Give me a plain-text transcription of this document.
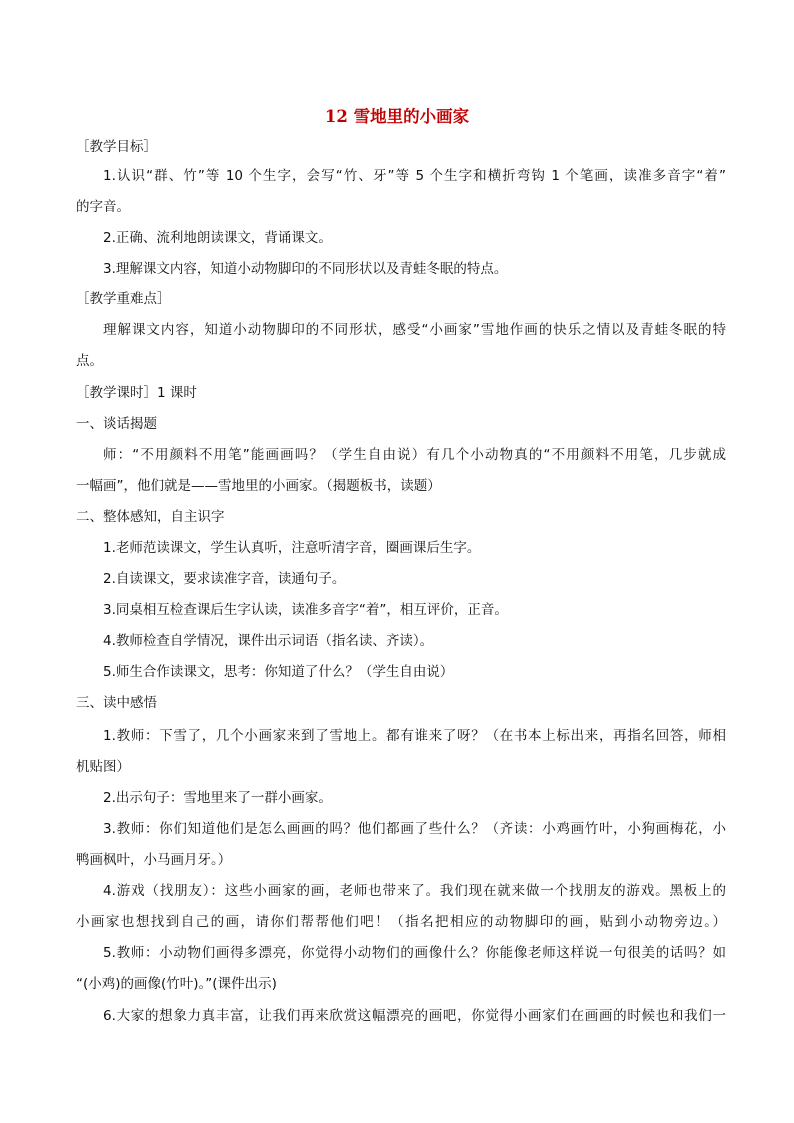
12 雪地里的小画家
［教学目标］
1.认识“群、竹”等 10 个生字，会写“竹、牙”等 5 个生字和横折弯钩 1 个笔画，读准多音字“着”
的字音。
2.正确、流利地朗读课文，背诵课文。
3.理解课文内容，知道小动物脚印的不同形状以及青蛙冬眠的特点。
［教学重难点］
理解课文内容，知道小动物脚印的不同形状，感受“小画家”雪地作画的快乐之情以及青蛙冬眠的特
点。
［教学课时］1 课时
一、谈话揭题
师：“不用颜料不用笔”能画画吗？（学生自由说）有几个小动物真的“不用颜料不用笔，几步就成
一幅画”，他们就是——雪地里的小画家。（揭题板书，读题）
二、整体感知，自主识字
1.老师范读课文，学生认真听，注意听清字音，圈画课后生字。
2.自读课文，要求读准字音，读通句子。
3.同桌相互检查课后生字认读，读准多音字“着”，相互评价，正音。
4.教师检查自学情况，课件出示词语（指名读、齐读）。
5.师生合作读课文，思考：你知道了什么？（学生自由说）
三、读中感悟
1.教师：下雪了，几个小画家来到了雪地上。都有谁来了呀？（在书本上标出来，再指名回答，师相
机贴图）
2.出示句子：雪地里来了一群小画家。
3.教师：你们知道他们是怎么画画的吗？他们都画了些什么？（齐读：小鸡画竹叶，小狗画梅花，小
鸭画枫叶，小马画月牙。）
4.游戏（找朋友）：这些小画家的画，老师也带来了。我们现在就来做一个找朋友的游戏。黑板上的
小画家也想找到自己的画，请你们帮帮他们吧！（指名把相应的动物脚印的画，贴到小动物旁边。）
5.教师：小动物们画得多漂亮，你觉得小动物们的画像什么？你能像老师这样说一句很美的话吗？如
“(小鸡)的画像(竹叶)。”(课件出示)
6.大家的想象力真丰富，让我们再来欣赏这幅漂亮的画吧，你觉得小画家们在画画的时候也和我们一
